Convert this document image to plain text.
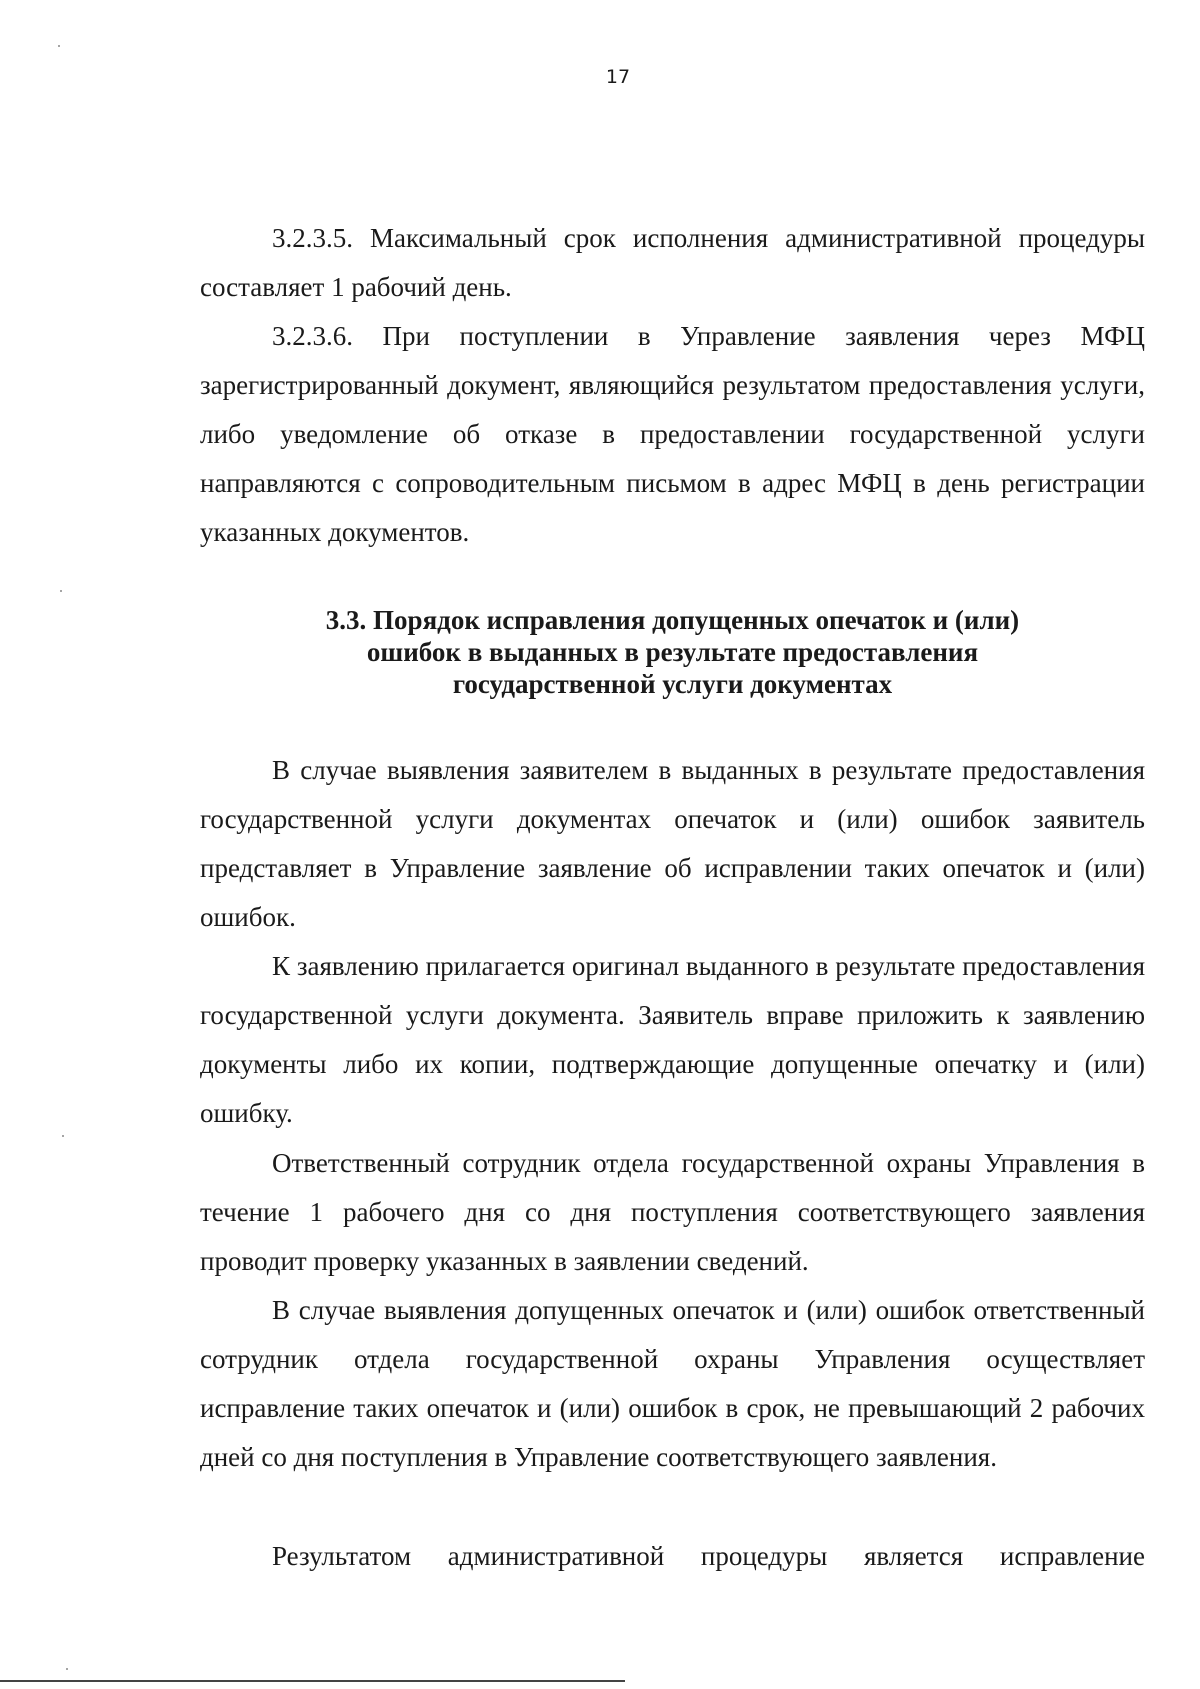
17

3.2.3.5. Максимальный срок исполнения административной процедуры составляет 1 рабочий день.

3.2.3.6. При поступлении в Управление заявления через МФЦ зарегистрированный документ, являющийся результатом предоставления услуги, либо уведомление об отказе в предоставлении государственной услуги направляются с сопроводительным письмом в адрес МФЦ в день регистрации указанных документов.

3.3. Порядок исправления допущенных опечаток и (или)
ошибок в выданных в результате предоставления
государственной услуги документах

В случае выявления заявителем в выданных в результате предоставления государственной услуги документах опечаток и (или) ошибок заявитель представляет в Управление заявление об исправлении таких опечаток и (или) ошибок.

К заявлению прилагается оригинал выданного в результате предоставления государственной услуги документа. Заявитель вправе приложить к заявлению документы либо их копии, подтверждающие допущенные опечатку и (или) ошибку.

Ответственный сотрудник отдела государственной охраны Управления в течение 1 рабочего дня со дня поступления соответствующего заявления проводит проверку указанных в заявлении сведений.

В случае выявления допущенных опечаток и (или) ошибок ответственный сотрудник отдела государственной охраны Управления осуществляет исправление таких опечаток и (или) ошибок в срок, не превышающий 2 рабочих дней со дня поступления в Управление соответствующего заявления.

Результатом административной процедуры является исправление
